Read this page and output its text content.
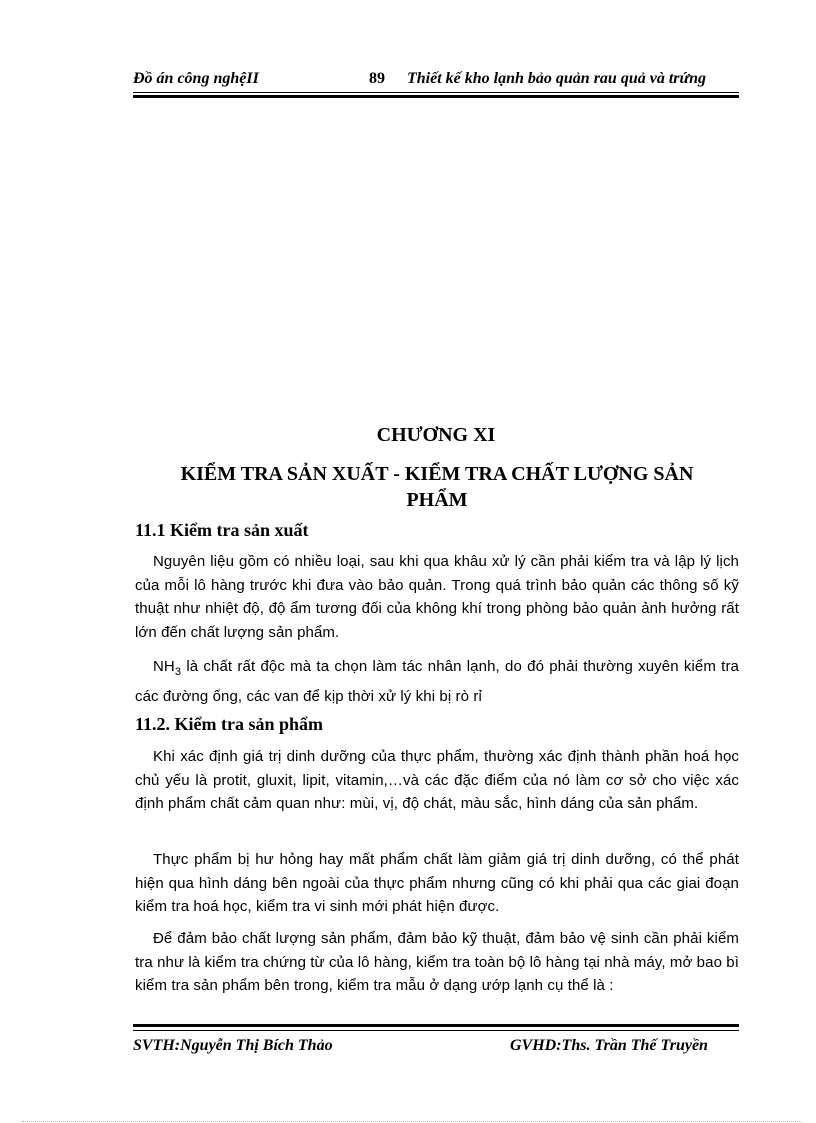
Đồ án công nghệII	89 Thiết kế kho lạnh bảo quản rau quả và trứng
CHƯƠNG XI
KIỂM TRA SẢN XUẤT - KIỂM TRA CHẤT LƯỢNG SẢN
PHẨM
11.1 Kiểm tra sản xuất
Nguyên liệu gồm có nhiều loại, sau khi qua khâu xử lý cần phải kiểm tra và lập lý lịch của mỗi lô hàng trước khi đưa vào bảo quản. Trong quá trình bảo quản các thông số kỹ thuật như nhiệt độ, độ ẩm tương đối của không khí trong phòng bảo quản ảnh hưởng rất lớn đến chất lượng sản phẩm.
$NH_3$ là chất rất độc mà ta chọn làm tác nhân lạnh, do đó phải thường xuyên kiểm tra các đường ống, các van để kịp thời xử lý khi bị rò rỉ
11.2. Kiểm tra sản phẩm
Khi xác định giá trị dinh dưỡng của thực phẩm, thường xác định thành phần hoá học chủ yếu là protit, gluxit, lipit, vitamin,…và các đặc điểm của nó làm cơ sở cho việc xác định phẩm chất cảm quan như: mùi, vị, độ chát, màu sắc, hình dáng của sản phẩm.
Thực phẩm bị hư hỏng hay mất phẩm chất làm giảm giá trị dinh dưỡng, có thể phát hiện qua hình dáng bên ngoài của thực phẩm nhưng cũng có khi phải qua các giai đoạn kiểm tra hoá học, kiểm tra vi sinh mới phát hiện được.
Để đảm bảo chất lượng sản phẩm, đảm bảo kỹ thuật, đảm bảo vệ sinh cần phải kiểm tra như là kiểm tra chứng từ của lô hàng, kiểm tra toàn bộ lô hàng tại nhà máy, mở bao bì kiểm tra sản phẩm bên trong, kiểm tra mẫu ở dạng ướp lạnh cụ thể là :
SVTH:Nguyễn Thị Bích Thảo	GVHD:Ths. Trần Thế Truyền
